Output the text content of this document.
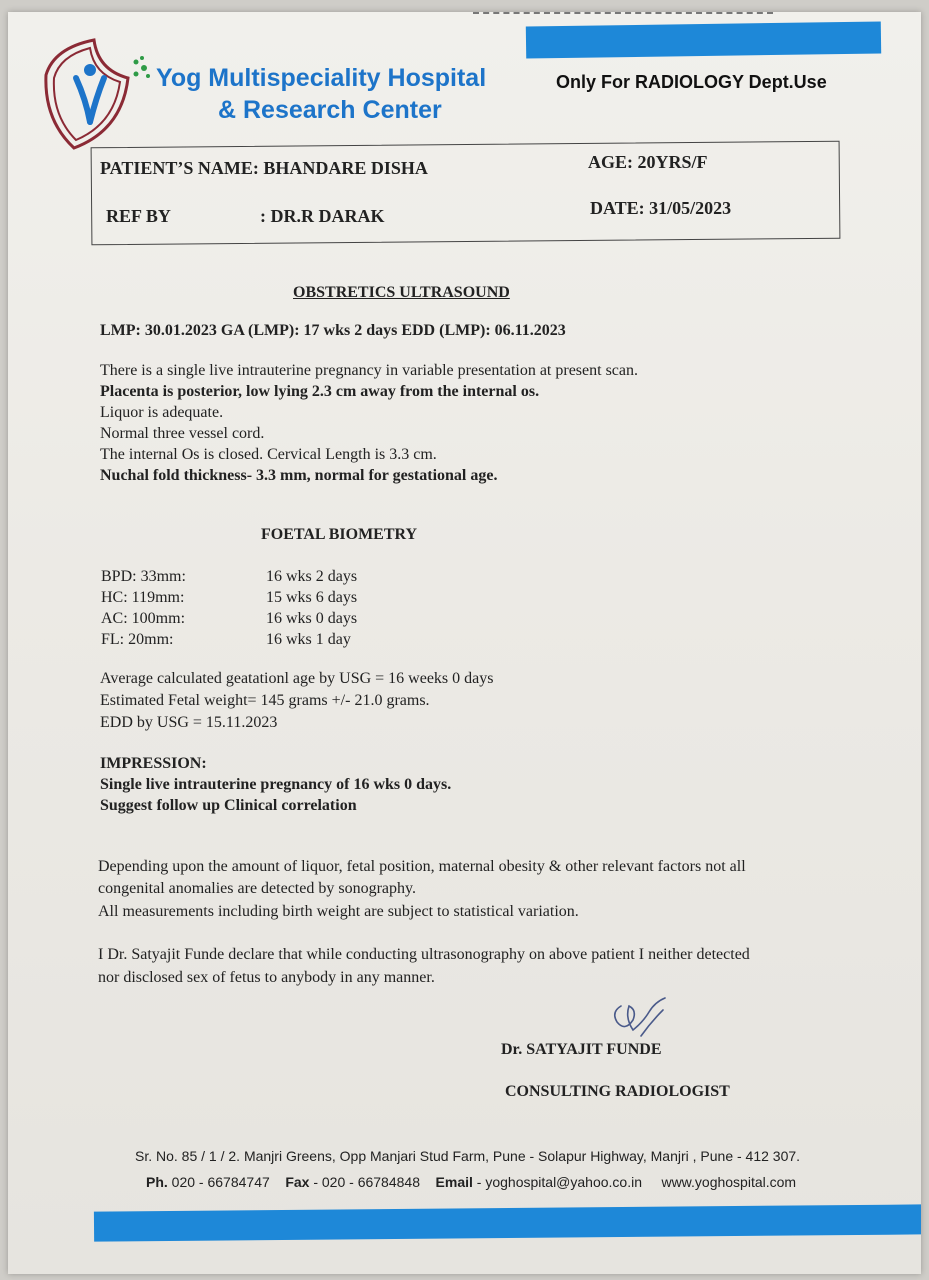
Yog Multispeciality Hospital
& Research Center
Only For RADIOLOGY Dept.Use
PATIENT’S NAME: BHANDARE DISHA	AGE: 20YRS/F
REF BY	: DR.R DARAK	DATE: 31/05/2023
OBSTRETICS ULTRASOUND
LMP: 30.01.2023 GA (LMP): 17 wks 2 days EDD (LMP): 06.11.2023
There is a single live intrauterine pregnancy in variable presentation at present scan.
Placenta is posterior, low lying 2.3 cm away from the internal os.
Liquor is adequate.
Normal three vessel cord.
The internal Os is closed. Cervical Length is 3.3 cm.
Nuchal fold thickness- 3.3 mm, normal for gestational age.
FOETAL BIOMETRY
BPD: 33mm:	16 wks 2 days
HC: 119mm:	15 wks 6 days
AC: 100mm:	16 wks 0 days
FL: 20mm:	16 wks 1 day
Average calculated geatationl age by USG = 16 weeks 0 days
Estimated Fetal weight= 145 grams +/- 21.0 grams.
EDD by USG = 15.11.2023
IMPRESSION:
Single live intrauterine pregnancy of 16 wks 0 days.
Suggest follow up Clinical correlation
Depending upon the amount of liquor, fetal position, maternal obesity & other relevant factors not all
congenital anomalies are detected by sonography.
All measurements including birth weight are subject to statistical variation.
I Dr. Satyajit Funde declare that while conducting ultrasonography on above patient I neither detected
nor disclosed sex of fetus to anybody in any manner.
Dr. SATYAJIT FUNDE
CONSULTING RADIOLOGIST
Sr. No. 85 / 1 / 2. Manjri Greens, Opp Manjari Stud Farm, Pune - Solapur Highway, Manjri , Pune - 412 307.
Ph. 020 - 66784747 Fax - 020 - 66784848 Email - yoghospital@yahoo.co.in www.yoghospital.com
